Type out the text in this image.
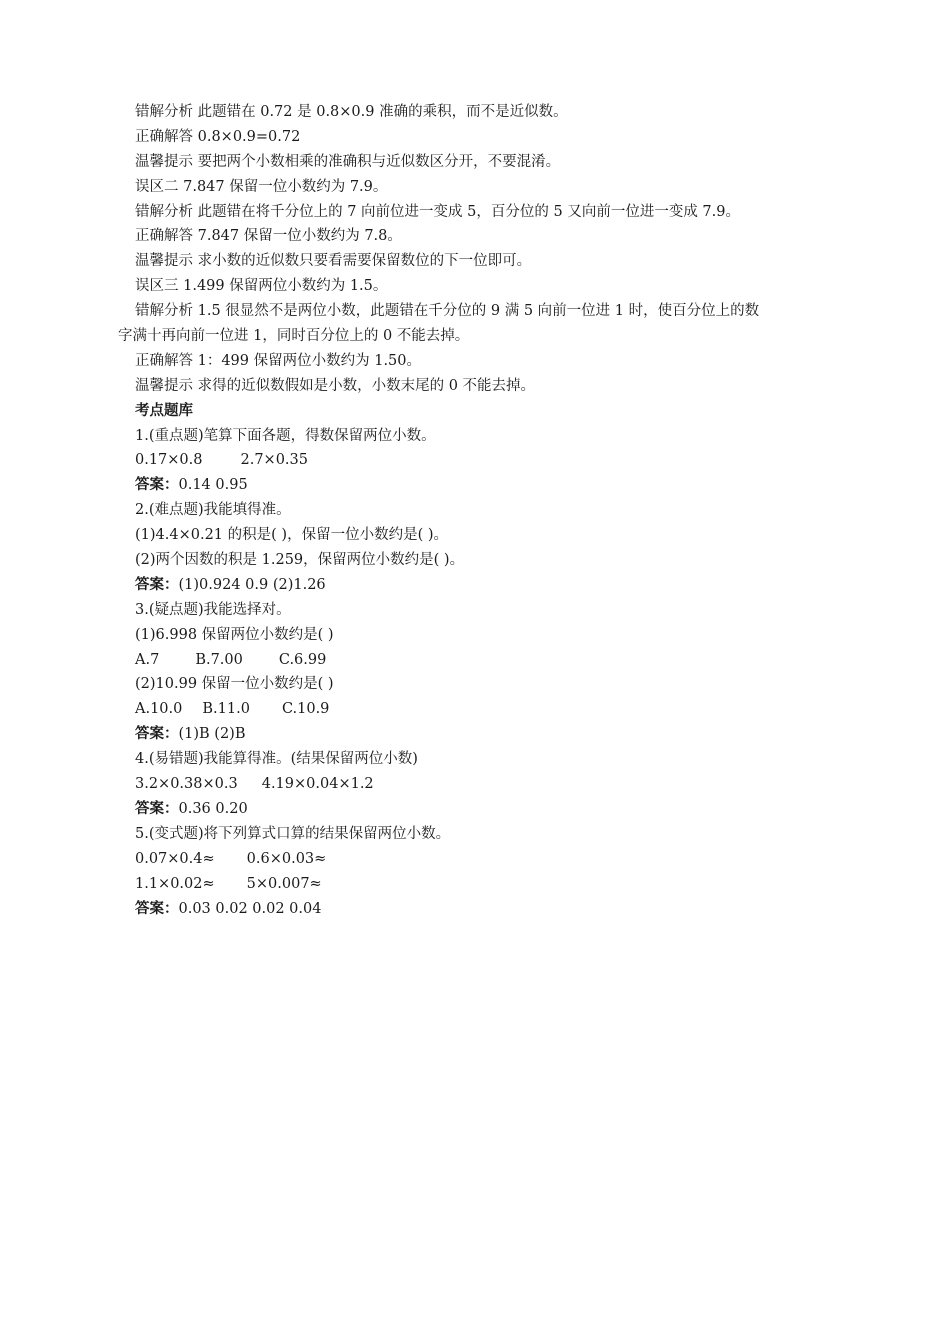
错解分析 此题错在 0.72 是 0.8×0.9 准确的乘积，而不是近似数。
正确解答 0.8×0.9=0.72
温馨提示 要把两个小数相乘的准确积与近似数区分开，不要混淆。
误区二 7.847 保留一位小数约为 7.9。
错解分析 此题错在将千分位上的 7 向前位进一变成 5，百分位的 5 又向前一位进一变成 7.9。
正确解答 7.847 保留一位小数约为 7.8。
温馨提示 求小数的近似数只要看需要保留数位的下一位即可。
误区三 1.499 保留两位小数约为 1.5。
错解分析 1.5 很显然不是两位小数，此题错在千分位的 9 满 5 向前一位进 1 时，使百分位上的数
字满十再向前一位进 1，同时百分位上的 0 不能去掉。
正确解答 1：499 保留两位小数约为 1.50。
温馨提示 求得的近似数假如是小数，小数末尾的 0 不能去掉。
考点题库
1.(重点题)笔算下面各题，得数保留两位小数。
0.17×0.8	2.7×0.35
答案：0.14 0.95
2.(难点题)我能填得准。
(1)4.4×0.21 的积是( )，保留一位小数约是( )。
(2)两个因数的积是 1.259，保留两位小数约是( )。
答案：(1)0.924 0.9 (2)1.26
3.(疑点题)我能选择对。
(1)6.998 保留两位小数约是( )
A.7 B.7.00 C.6.99
(2)10.99 保留一位小数约是( )
A.10.0 B.11.0 C.10.9
答案：(1)B (2)B
4.(易错题)我能算得准。(结果保留两位小数)
3.2×0.38×0.3 4.19×0.04×1.2
答案：0.36 0.20
5.(变式题)将下列算式口算的结果保留两位小数。
0.07×0.4≈ 0.6×0.03≈
1.1×0.02≈ 5×0.007≈
答案：0.03 0.02 0.02 0.04
